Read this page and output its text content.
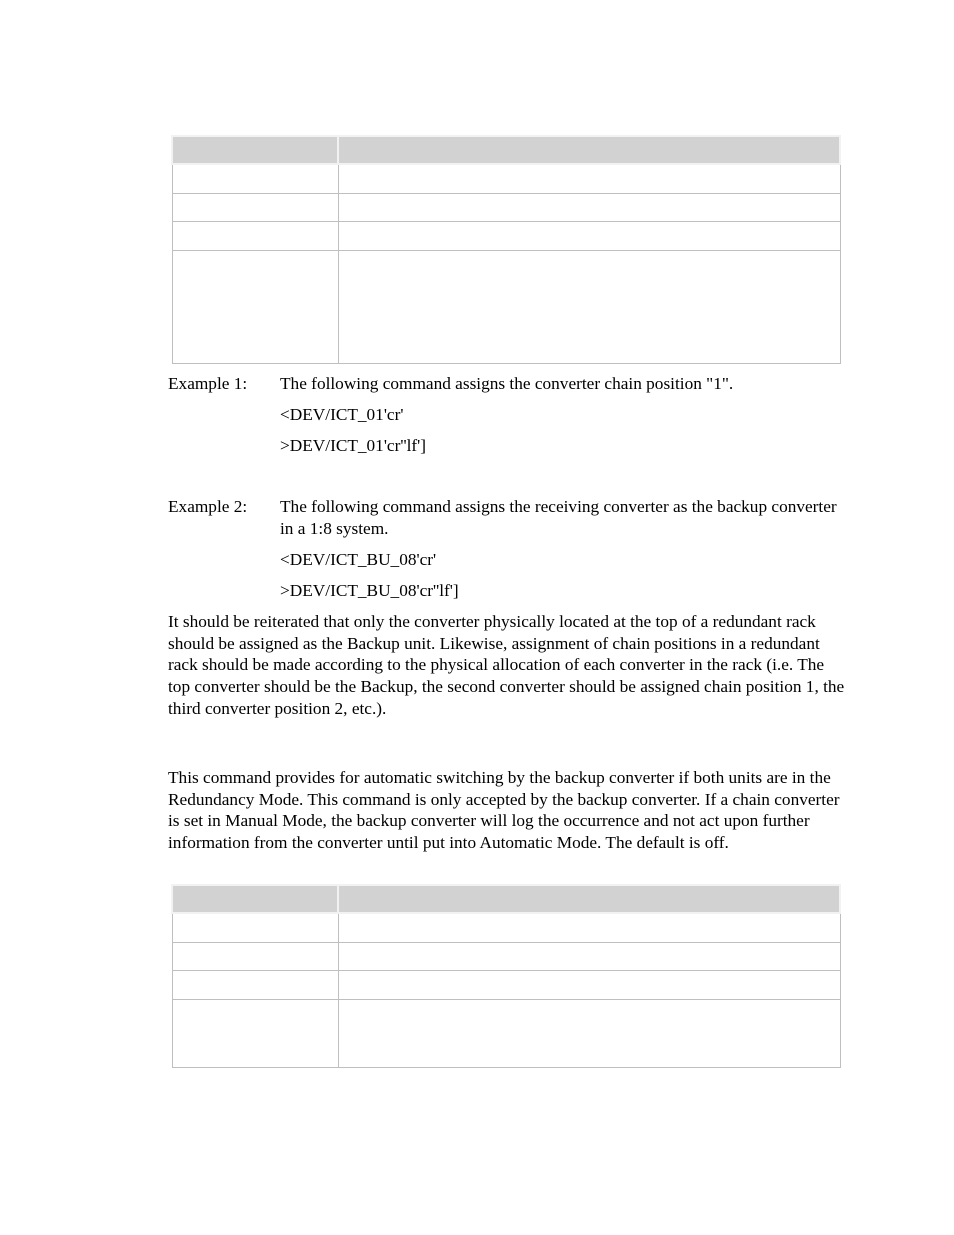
Example 1: The following command assigns the converter chain position "1".
<DEV/ICT_01'cr'
>DEV/ICT_01'cr''lf']
Example 2: The following command assigns the receiving converter as the backup converter in a 1:8 system.
<DEV/ICT_BU_08'cr'
>DEV/ICT_BU_08'cr''lf']
It should be reiterated that only the converter physically located at the top of a redundant rack should be assigned as the Backup unit. Likewise, assignment of chain positions in a redundant rack should be made according to the physical allocation of each converter in the rack (i.e. The top converter should be the Backup, the second converter should be assigned chain position 1, the third converter position 2, etc.).
This command provides for automatic switching by the backup converter if both units are in the Redundancy Mode. This command is only accepted by the backup converter. If a chain converter is set in Manual Mode, the backup converter will log the occurrence and not act upon further information from the converter until put into Automatic Mode. The default is off.
